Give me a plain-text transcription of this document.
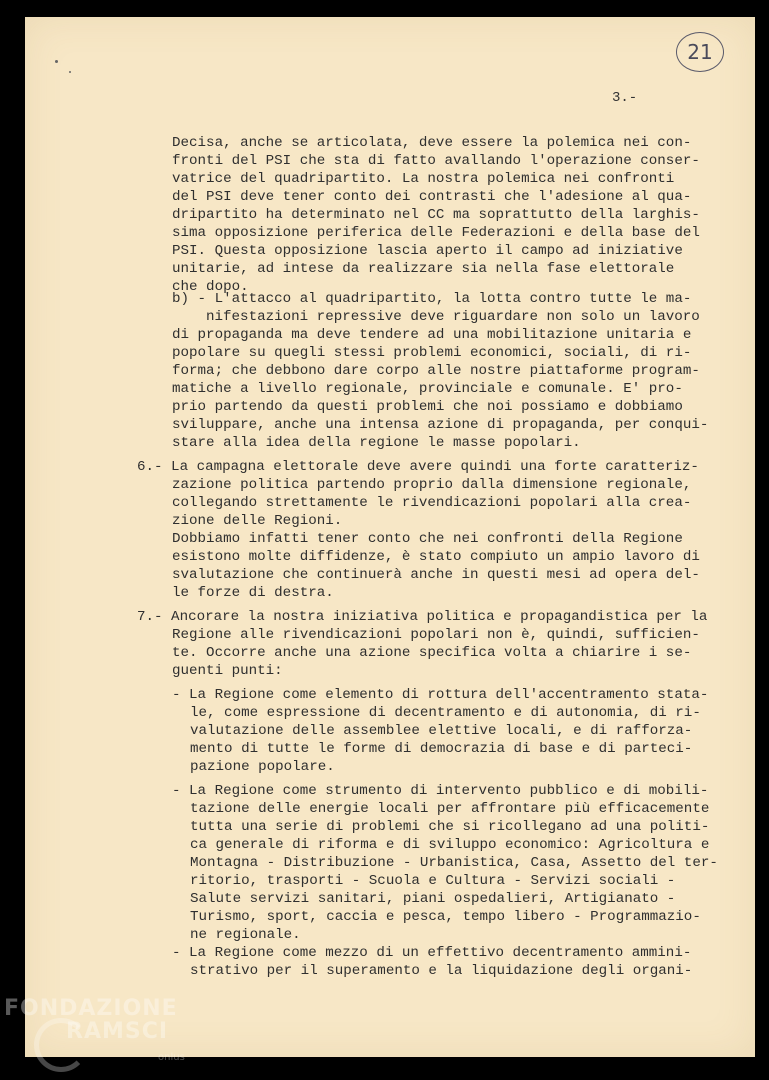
21
3.-
Decisa, anche se articolata, deve essere la polemica nei con-
fronti del PSI che sta di fatto avallando l'operazione conser-
vatrice del quadripartito. La nostra polemica nei confronti
del PSI deve tener conto dei contrasti che l'adesione al qua-
dripartito ha determinato nel CC ma soprattutto della larghis-
sima opposizione periferica delle Federazioni e della base del
PSI. Questa opposizione lascia aperto il campo ad iniziative
unitarie, ad intese da realizzare sia nella fase elettorale
che dopo.
b) - L'attacco al quadripartito, la lotta contro tutte le ma-
nifestazioni repressive deve riguardare non solo un lavoro
di propaganda ma deve tendere ad una mobilitazione unitaria e
popolare su quegli stessi problemi economici, sociali, di ri-
forma; che debbono dare corpo alle nostre piattaforme program-
matiche a livello regionale, provinciale e comunale. E' pro-
prio partendo da questi problemi che noi possiamo e dobbiamo
sviluppare, anche una intensa azione di propaganda, per conqui-
stare alla idea della regione le masse popolari.
6.- La campagna elettorale deve avere quindi una forte caratteriz-
zazione politica partendo proprio dalla dimensione regionale,
collegando strettamente le rivendicazioni popolari alla crea-
zione delle Regioni.
Dobbiamo infatti tener conto che nei confronti della Regione
esistono molte diffidenze, è stato compiuto un ampio lavoro di
svalutazione che continuerà anche in questi mesi ad opera del-
le forze di destra.
7.- Ancorare la nostra iniziativa politica e propagandistica per la
Regione alle rivendicazioni popolari non è, quindi, sufficien-
te. Occorre anche una azione specifica volta a chiarire i se-
guenti punti:
- La Regione come elemento di rottura dell'accentramento stata-
le, come espressione di decentramento e di autonomia, di ri-
valutazione delle assemblee elettive locali, e di rafforza-
mento di tutte le forme di democrazia di base e di parteci-
pazione popolare.
- La Regione come strumento di intervento pubblico e di mobili-
tazione delle energie locali per affrontare più efficacemente
tutta una serie di problemi che si ricollegano ad una politi-
ca generale di riforma e di sviluppo economico: Agricoltura e
Montagna - Distribuzione - Urbanistica, Casa, Assetto del ter-
ritorio, trasporti - Scuola e Cultura - Servizi sociali -
Salute servizi sanitari, piani ospedalieri, Artigianato -
Turismo, sport, caccia e pesca, tempo libero - Programmazio-
ne regionale.
- La Regione come mezzo di un effettivo decentramento ammini-
strativo per il superamento e la liquidazione degli organi-
FONDAZIONE
RAMSCI
onlus
